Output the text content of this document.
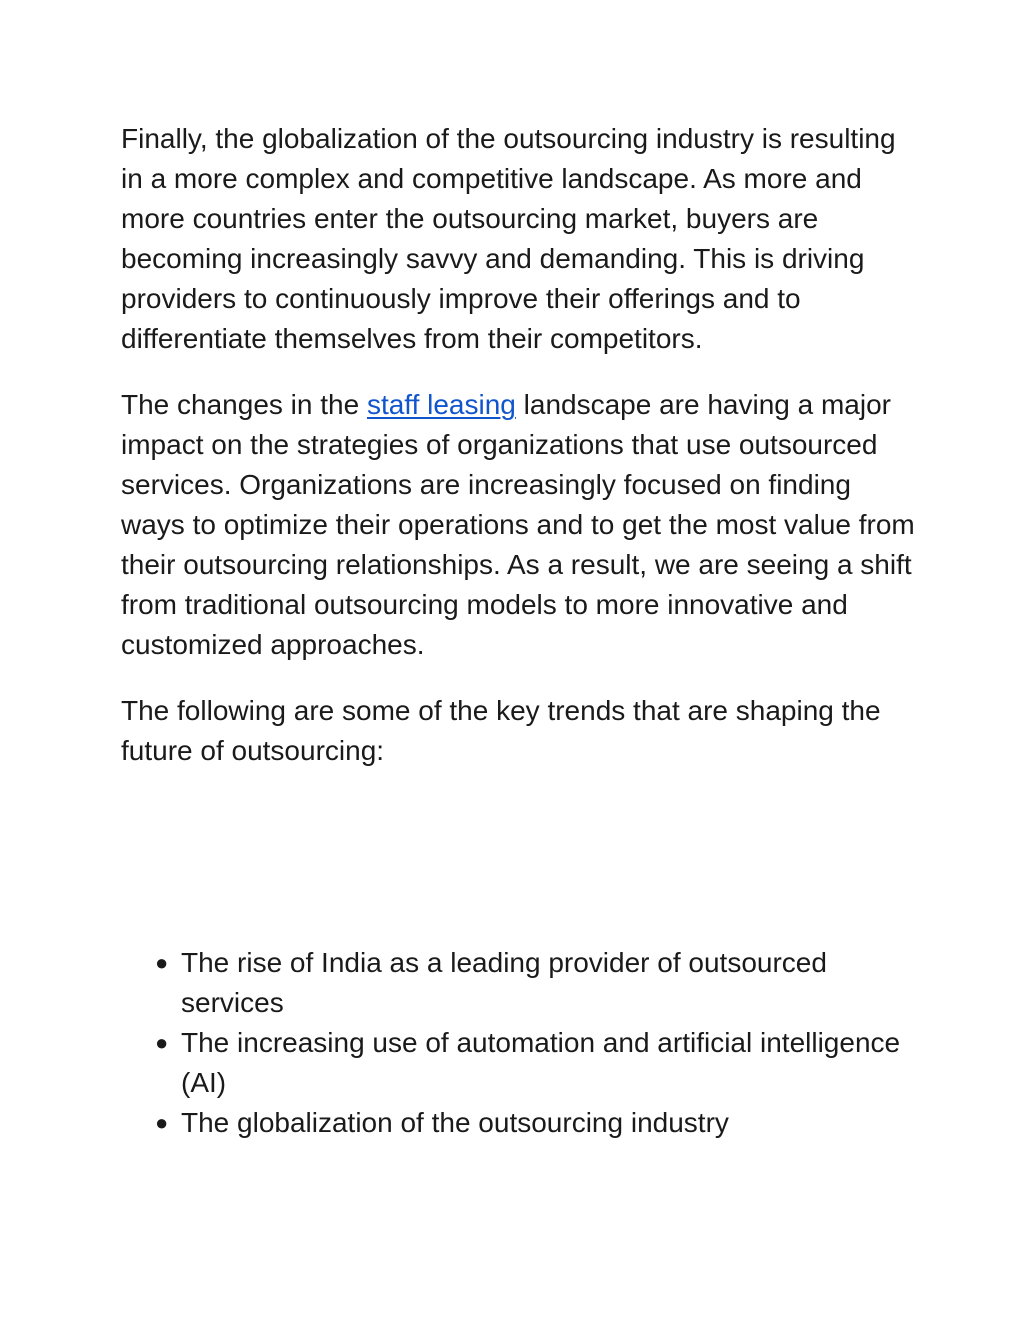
Finally, the globalization of the outsourcing industry is resulting in a more complex and competitive landscape. As more and more countries enter the outsourcing market, buyers are becoming increasingly savvy and demanding. This is driving providers to continuously improve their offerings and to differentiate themselves from their competitors.

The changes in the staff leasing landscape are having a major impact on the strategies of organizations that use outsourced services. Organizations are increasingly focused on finding ways to optimize their operations and to get the most value from their outsourcing relationships. As a result, we are seeing a shift from traditional outsourcing models to more innovative and customized approaches.

The following are some of the key trends that are shaping the future of outsourcing:

● The rise of India as a leading provider of outsourced services
● The increasing use of automation and artificial intelligence (AI)
● The globalization of the outsourcing industry
